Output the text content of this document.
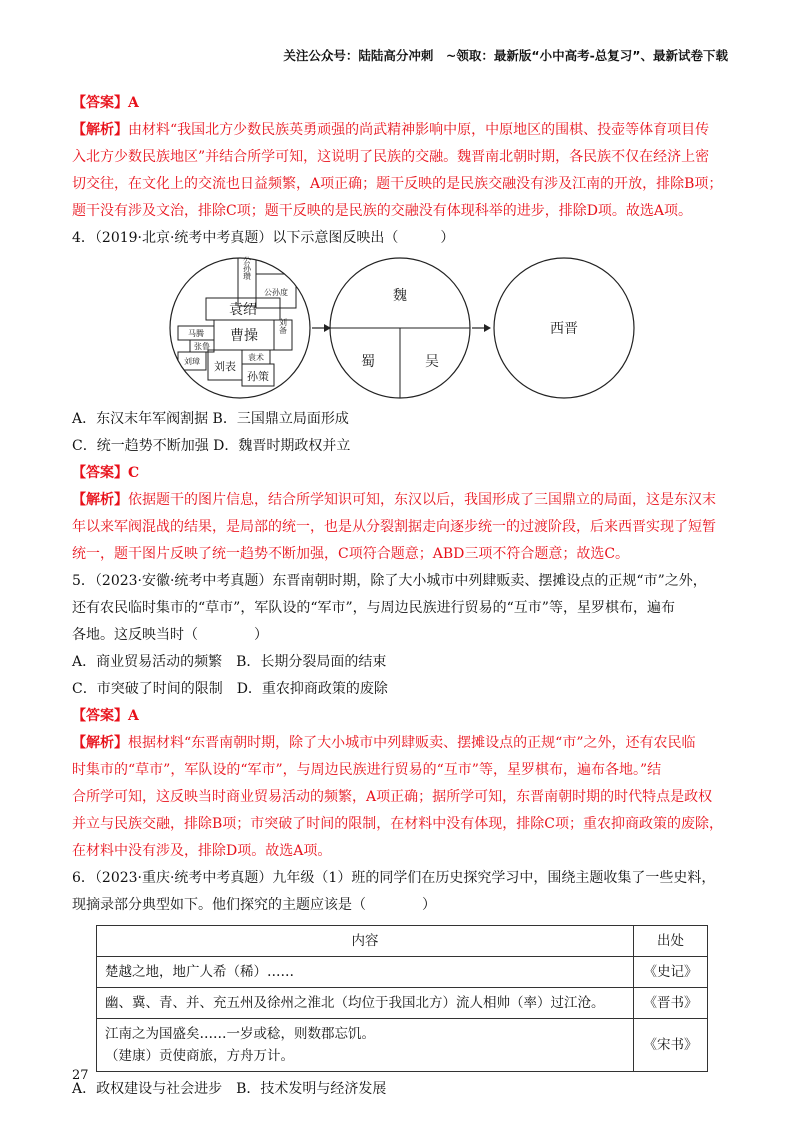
关注公众号：陆陆高分冲刺　~领取：最新版“小中高考-总复习”、最新试卷下载

【答案】A

【解析】由材料“我国北方少数民族英勇顽强的尚武精神影响中原，中原地区的围棋、投壶等体育项目传

入北方少数民族地区”并结合所学可知，这说明了民族的交融。魏晋南北朝时期，各民族不仅在经济上密

切交往，在文化上的交流也日益频繁，A项正确；题干反映的是民族交融没有涉及江南的开放，排除B项；

题干没有涉及文治，排除C项；题干反映的是民族的交融没有体现科举的进步，排除D项。故选A项。

4．（2019·北京·统考中考真题）以下示意图反映出（　　　）

公孙瓒
公孙度
袁绍
曹操
刘备
马腾
张鲁
刘璋 刘表
袁术
孙策
魏
蜀	吴
西晋

A．东汉末年军阀割据 B．三国鼎立局面形成

C．统一趋势不断加强 D．魏晋时期政权并立

【答案】C

【解析】依据题干的图片信息，结合所学知识可知，东汉以后，我国形成了三国鼎立的局面，这是东汉末

年以来军阀混战的结果，是局部的统一，也是从分裂割据走向逐步统一的过渡阶段，后来西晋实现了短暂

统一，题干图片反映了统一趋势不断加强，C项符合题意；ABD三项不符合题意；故选C。

5．（2023·安徽·统考中考真题）东晋南朝时期，除了大小城市中列肆贩卖、摆摊设点的正规“市”之外，

还有农民临时集市的“草市”，军队设的“军市”，与周边民族进行贸易的“互市”等，星罗棋布，遍布

各地。这反映当时（　　　　）

A．商业贸易活动的频繁　B．长期分裂局面的结束

C．市突破了时间的限制　D．重农抑商政策的废除

【答案】A

【解析】根据材料“东晋南朝时期，除了大小城市中列肆贩卖、摆摊设点的正规“市”之外，还有农民临

时集市的“草市”，军队设的“军市”，与周边民族进行贸易的“互市”等，星罗棋布，遍布各地。”结

合所学可知，这反映当时商业贸易活动的频繁，A项正确；据所学可知，东晋南朝时期的时代特点是政权

并立与民族交融，排除B项；市突破了时间的限制，在材料中没有体现，排除C项；重农抑商政策的废除，

在材料中没有涉及，排除D项。故选A项。

6．（2023·重庆·统考中考真题）九年级（1）班的同学们在历史探究学习中，围绕主题收集了一些史料，

现摘录部分典型如下。他们探究的主题应该是（　　　　）

内容	出处
楚越之地，地广人希（稀）……	《史记》
幽、冀、青、并、充五州及徐州之淮北（均位于我国北方）流人相帅（率）过江沧。	《晋书》

江南之为国盛矣……一岁或稔，则数郡忘饥。
（建康）贡使商旅，方舟万计。	《宋书》

A．政权建设与社会进步　B．技术发明与经济发展

27
